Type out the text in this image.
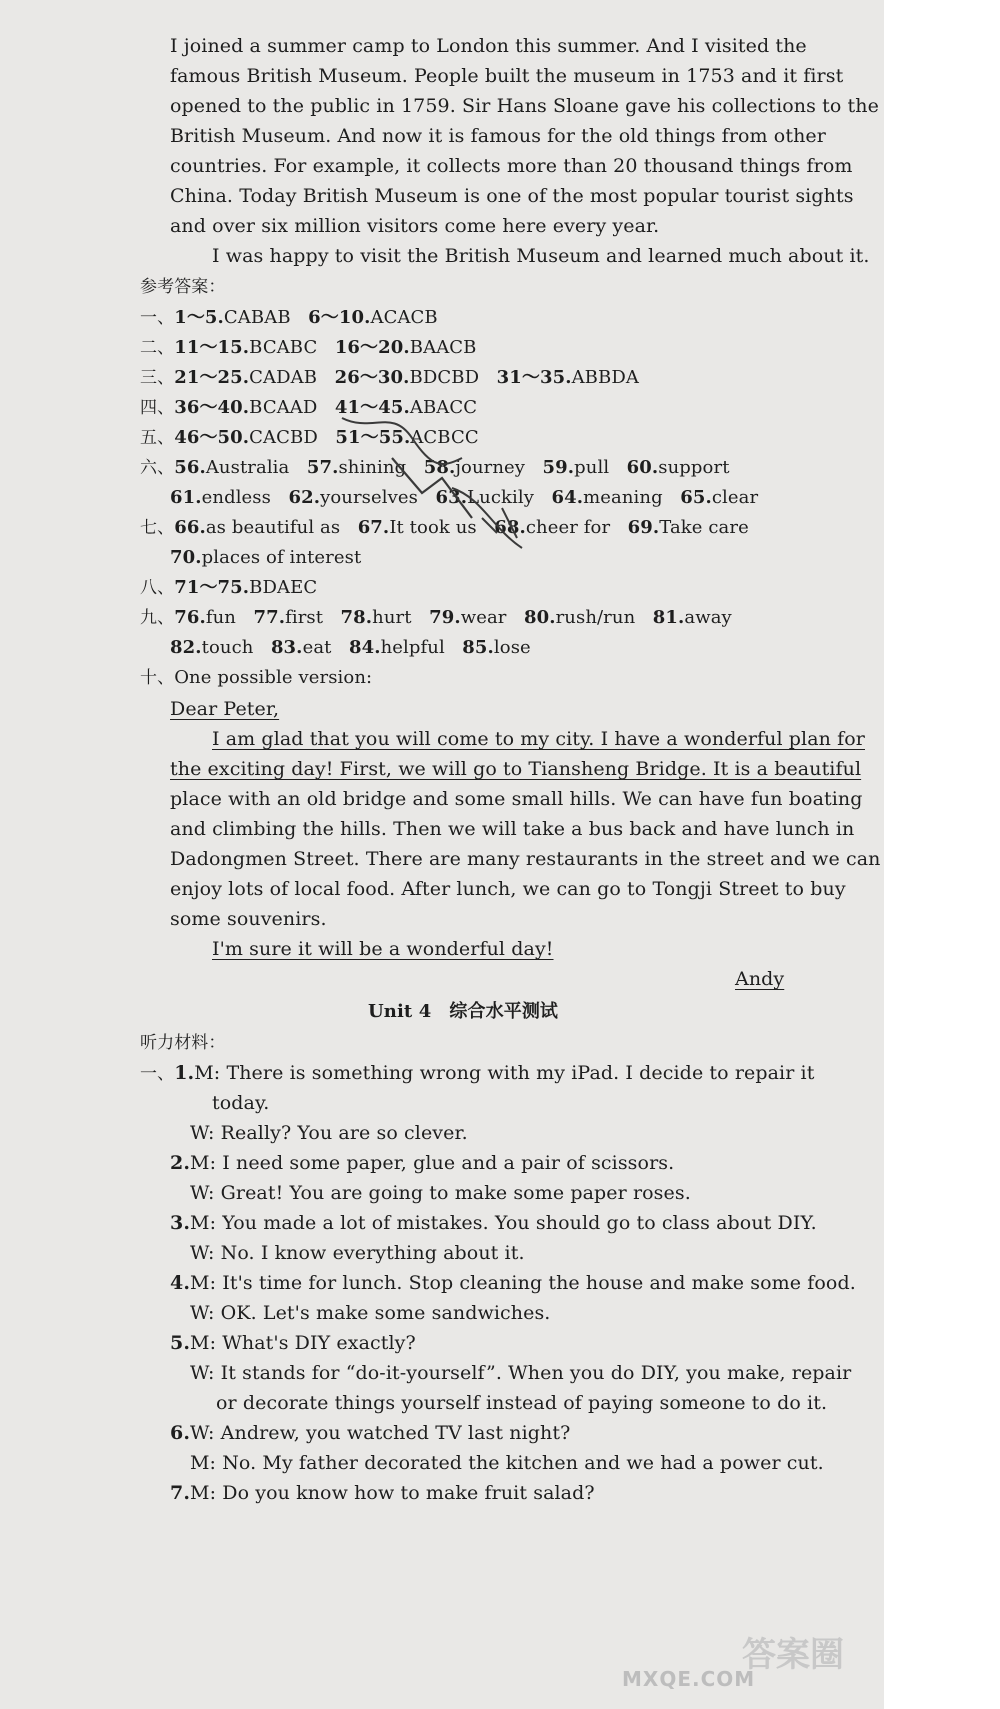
I joined a summer camp to London this summer. And I visited the
famous British Museum. People built the museum in 1753 and it first
opened to the public in 1759. Sir Hans Sloane gave his collections to the
British Museum. And now it is famous for the old things from other
countries. For example, it collects more than 20 thousand things from
China. Today British Museum is one of the most popular tourist sights
and over six million visitors come here every year.
I was happy to visit the British Museum and learned much about it.
参考答案：
一、1～5.CABAB 6～10.ACACB
二、11～15.BCABC 16～20.BAACB
三、21～25.CADAB 26～30.BDCBD 31～35.ABBDA
四、36～40.BCAAD 41～45.ABACC
五、46～50.CACBD 51～55.ACBCC
六、56.Australia 57.shining 58.journey 59.pull 60.support
61.endless 62.yourselves 63.Luckily 64.meaning 65.clear
七、66.as beautiful as 67.It took us 68.cheer for 69.Take care
70.places of interest
八、71～75.BDAEC
九、76.fun 77.first 78.hurt 79.wear 80.rush/run 81.away
82.touch 83.eat 84.helpful 85.lose
十、One possible version:
Dear Peter,
I am glad that you will come to my city. I have a wonderful plan for
the exciting day! First, we will go to Tiansheng Bridge. It is a beautiful
place with an old bridge and some small hills. We can have fun boating
and climbing the hills. Then we will take a bus back and have lunch in
Dadongmen Street. There are many restaurants in the street and we can
enjoy lots of local food. After lunch, we can go to Tongji Street to buy
some souvenirs.
I'm sure it will be a wonderful day!
Andy
Unit 4　综合水平测试
听力材料：
一、1.M: There is something wrong with my iPad. I decide to repair it
today.
W: Really? You are so clever.
2.M: I need some paper, glue and a pair of scissors.
W: Great! You are going to make some paper roses.
3.M: You made a lot of mistakes. You should go to class about DIY.
W: No. I know everything about it.
4.M: It's time for lunch. Stop cleaning the house and make some food.
W: OK. Let's make some sandwiches.
5.M: What's DIY exactly?
W: It stands for “do-it-yourself”. When you do DIY, you make, repair
or decorate things yourself instead of paying someone to do it.
6.W: Andrew, you watched TV last night?
M: No. My father decorated the kitchen and we had a power cut.
7.M: Do you know how to make fruit salad?
答案圈
MXQE.COM
